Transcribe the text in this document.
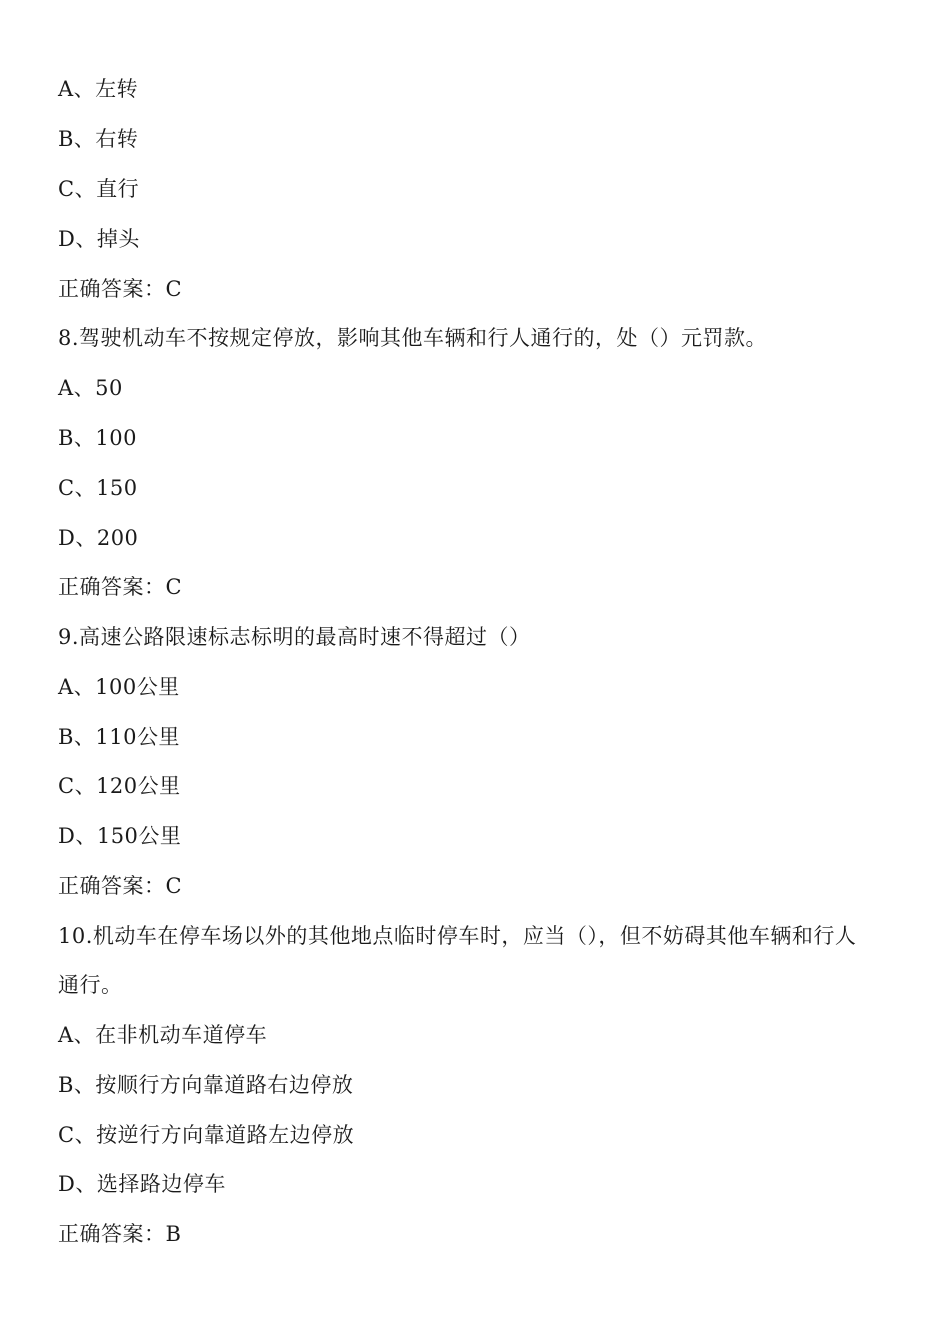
A、左转
B、右转
C、直行
D、掉头
正确答案：C
8.驾驶机动车不按规定停放，影响其他车辆和行人通行的，处（）元罚款。
A、50
B、100
C、150
D、200
正确答案：C
9.高速公路限速标志标明的最高时速不得超过（）
A、100公里
B、110公里
C、120公里
D、150公里
正确答案：C
10.机动车在停车场以外的其他地点临时停车时，应当（），但不妨碍其他车辆和行人
通行。
A、在非机动车道停车
B、按顺行方向靠道路右边停放
C、按逆行方向靠道路左边停放
D、选择路边停车
正确答案：B
